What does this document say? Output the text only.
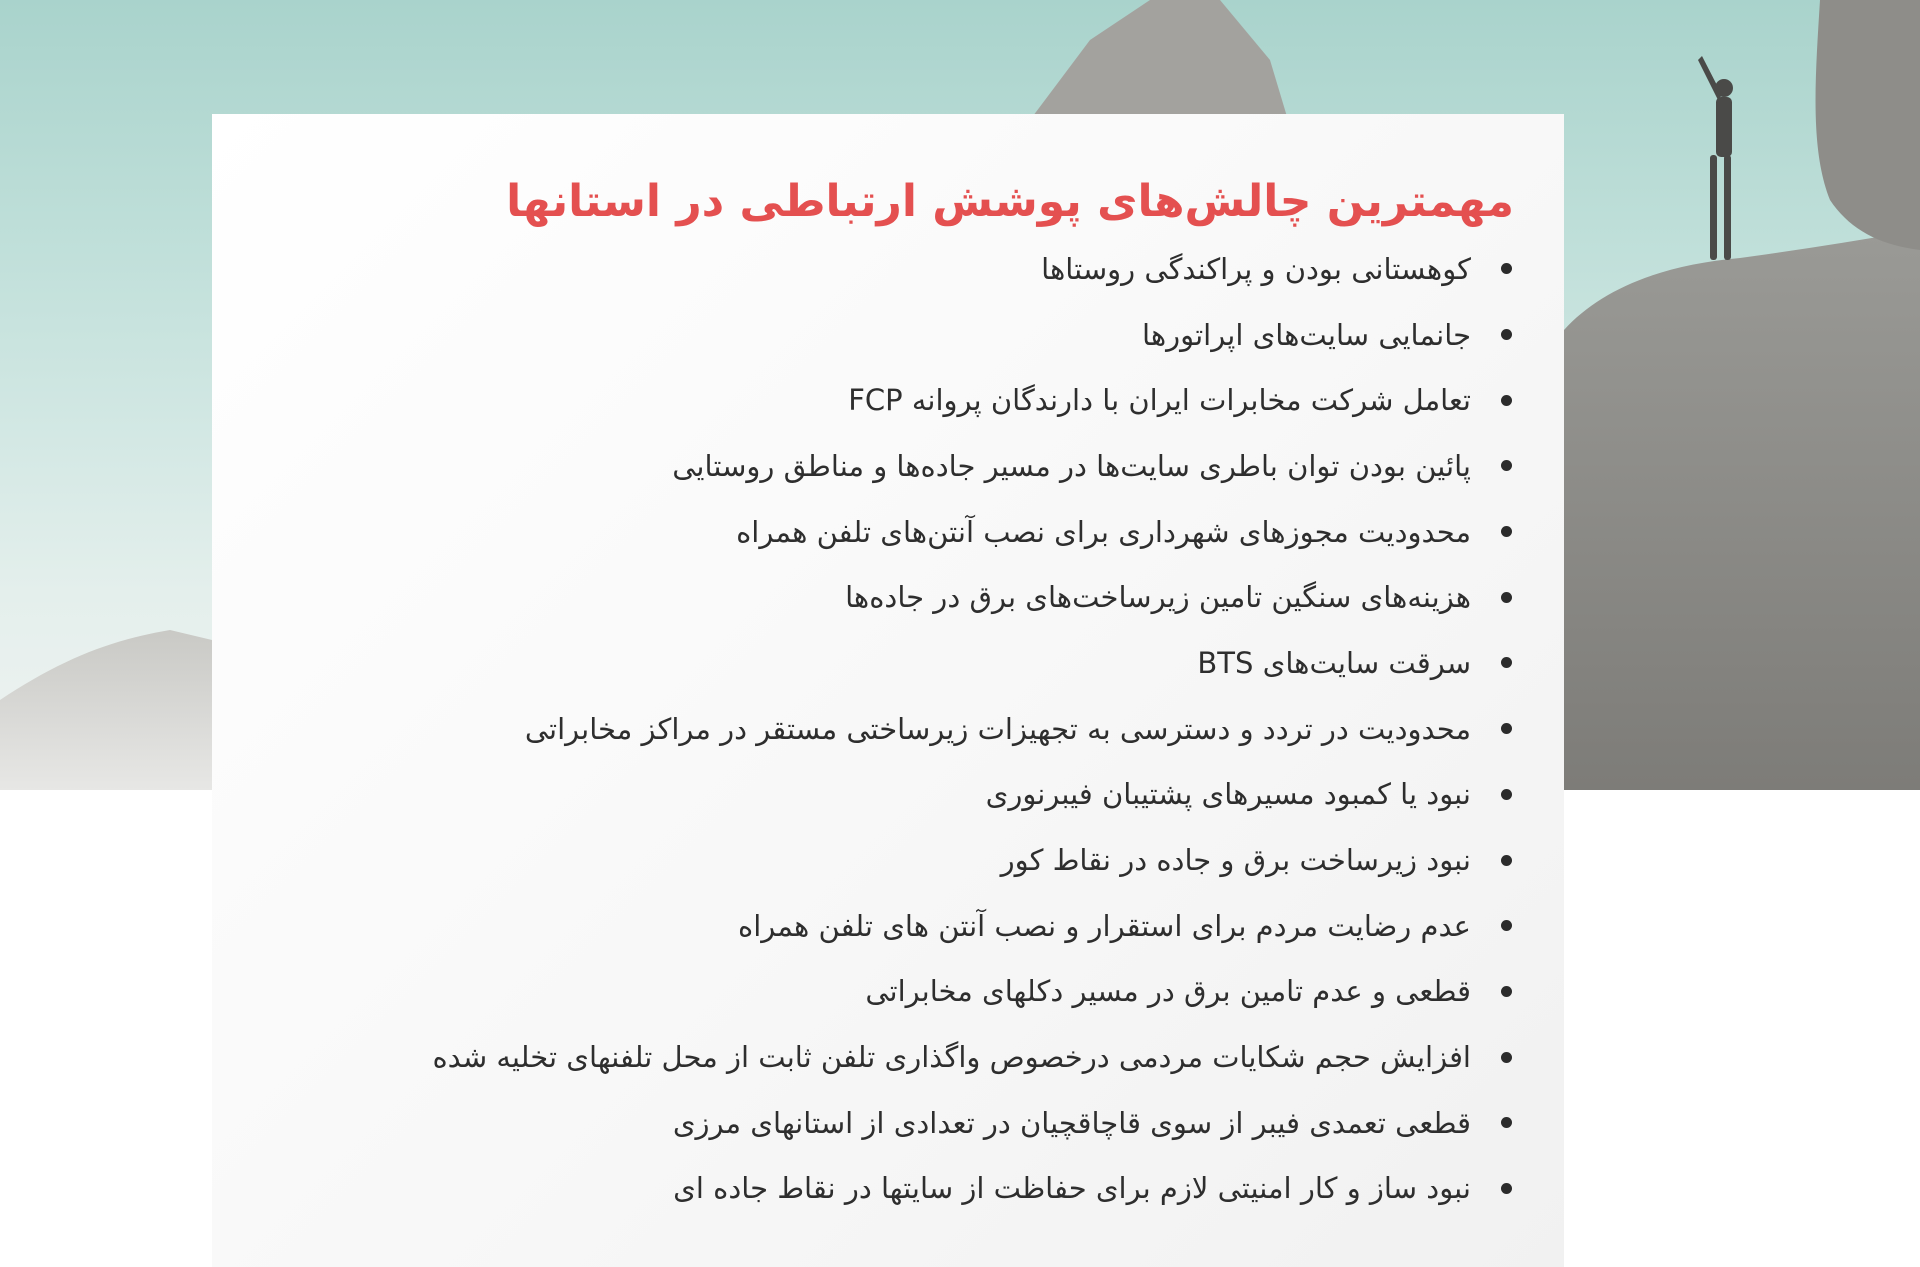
مهمترین چالش‌های پوشش ارتباطی در استانها
کوهستانی بودن و پراکندگی روستاها
جانمایی سایت‌های اپراتورها
تعامل شرکت مخابرات ایران با دارندگان پروانه FCP
پائین بودن توان باطری سایت‌ها در مسیر جاده‌ها و مناطق روستایی
محدودیت مجوزهای شهرداری برای نصب آنتن‌های تلفن همراه
هزینه‌های سنگین تامین زیرساخت‌های برق در جاده‌ها
سرقت سایت‌های BTS
محدودیت در تردد و دسترسی به تجهیزات زیرساختی مستقر در مراکز مخابراتی
نبود یا کمبود مسیرهای پشتیبان فیبرنوری
نبود زیرساخت برق و جاده در نقاط کور
عدم رضایت مردم برای استقرار و نصب آنتن های تلفن همراه
قطعی و عدم تامین برق در مسیر دکلهای مخابراتی
افزایش حجم شکایات مردمی درخصوص واگذاری تلفن ثابت از محل تلفنهای تخلیه شده
قطعی تعمدی فیبر از سوی قاچاقچیان در تعدادی از استانهای مرزی
نبود ساز و کار امنیتی لازم برای حفاظت از سایتها در نقاط جاده ای
